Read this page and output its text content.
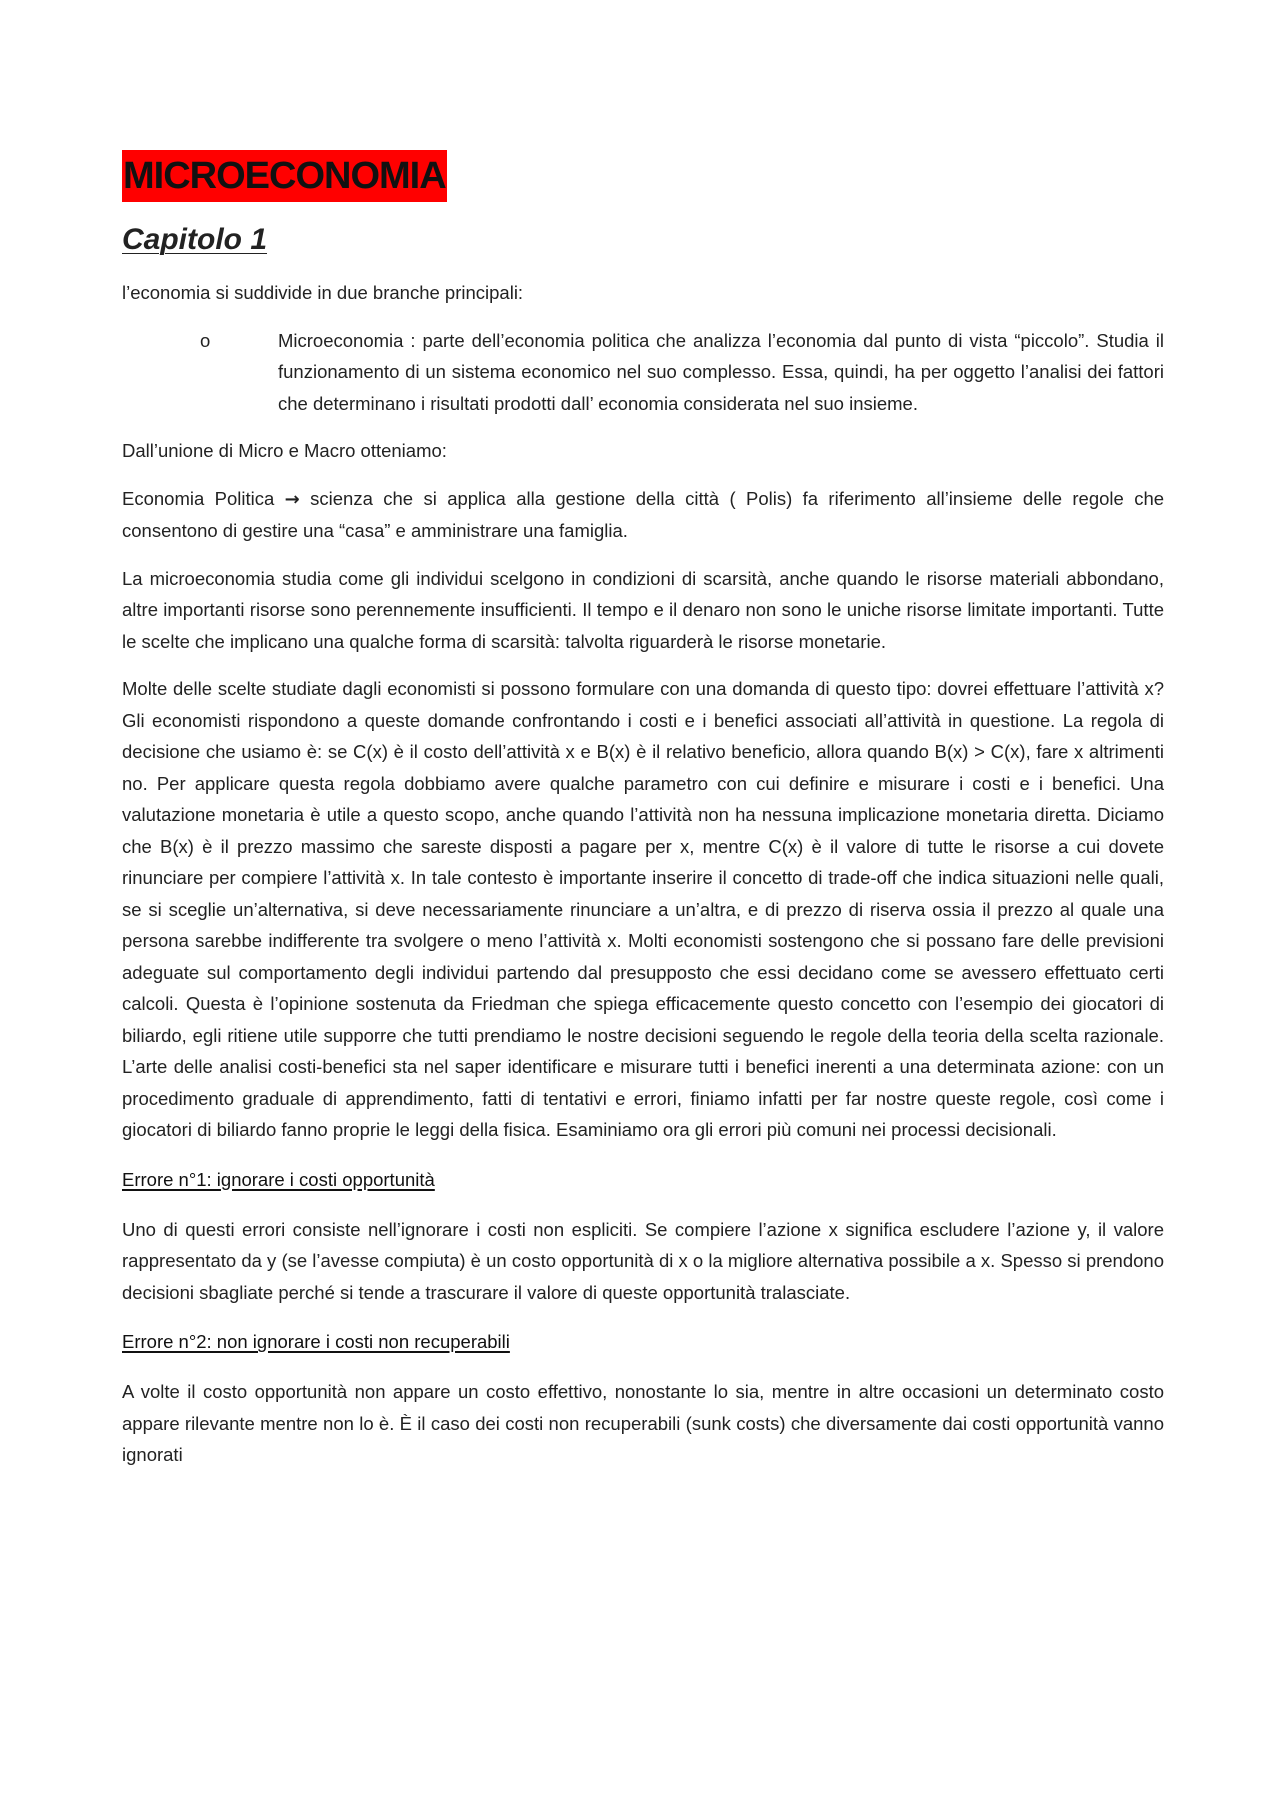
MICROECONOMIA
Capitolo 1

l’economia si suddivide in due branche principali:

o	Microeconomia : parte dell’economia politica che analizza l’economia dal punto di vista “piccolo”. Studia il funzionamento di un sistema economico nel suo complesso. Essa, quindi, ha per oggetto l’analisi dei fattori che determinano i risultati prodotti dall’ economia considerata nel suo insieme.

Dall’unione di Micro e Macro otteniamo:

Economia Politica → scienza che si applica alla gestione della città ( Polis) fa riferimento all’insieme delle regole che consentono di gestire una “casa” e amministrare una famiglia.

La microeconomia studia come gli individui scelgono in condizioni di scarsità, anche quando le risorse materiali abbondano, altre importanti risorse sono perennemente insufficienti. Il tempo e il denaro non sono le uniche risorse limitate importanti. Tutte le scelte che implicano una qualche forma di scarsità: talvolta riguarderà le risorse monetarie.

Molte delle scelte studiate dagli economisti si possono formulare con una domanda di questo tipo: dovrei effettuare l’attività x? Gli economisti rispondono a queste domande confrontando i costi e i benefici associati all’attività in questione. La regola di decisione che usiamo è: se C(x) è il costo dell’attività x e B(x) è il relativo beneficio, allora quando B(x) > C(x), fare x altrimenti no. Per applicare questa regola dobbiamo avere qualche parametro con cui definire e misurare i costi e i benefici. Una valutazione monetaria è utile a questo scopo, anche quando l’attività non ha nessuna implicazione monetaria diretta. Diciamo che B(x) è il prezzo massimo che sareste disposti a pagare per x, mentre C(x) è il valore di tutte le risorse a cui dovete rinunciare per compiere l’attività x. In tale contesto è importante inserire il concetto di trade-off che indica situazioni nelle quali, se si sceglie un’alternativa, si deve necessariamente rinunciare a un’altra, e di prezzo di riserva ossia il prezzo al quale una persona sarebbe indifferente tra svolgere o meno l’attività x. Molti economisti sostengono che si possano fare delle previsioni adeguate sul comportamento degli individui partendo dal presupposto che essi decidano come se avessero effettuato certi calcoli. Questa è l’opinione sostenuta da Friedman che spiega efficacemente questo concetto con l’esempio dei giocatori di biliardo, egli ritiene utile supporre che tutti prendiamo le nostre decisioni seguendo le regole della teoria della scelta razionale. L’arte delle analisi costi-benefici sta nel saper identificare e misurare tutti i benefici inerenti a una determinata azione: con un procedimento graduale di apprendimento, fatti di tentativi e errori, finiamo infatti per far nostre queste regole, così come i giocatori di biliardo fanno proprie le leggi della fisica. Esaminiamo ora gli errori più comuni nei processi decisionali.

Errore n°1: ignorare i costi opportunità

Uno di questi errori consiste nell’ignorare i costi non espliciti. Se compiere l’azione x significa escludere l’azione y, il valore rappresentato da y (se l’avesse compiuta) è un costo opportunità di x o la migliore alternativa possibile a x. Spesso si prendono decisioni sbagliate perché si tende a trascurare il valore di queste opportunità tralasciate.

Errore n°2: non ignorare i costi non recuperabili

A volte il costo opportunità non appare un costo effettivo, nonostante lo sia, mentre in altre occasioni un determinato costo appare rilevante mentre non lo è. È il caso dei costi non recuperabili (sunk costs) che diversamente dai costi opportunità vanno ignorati
